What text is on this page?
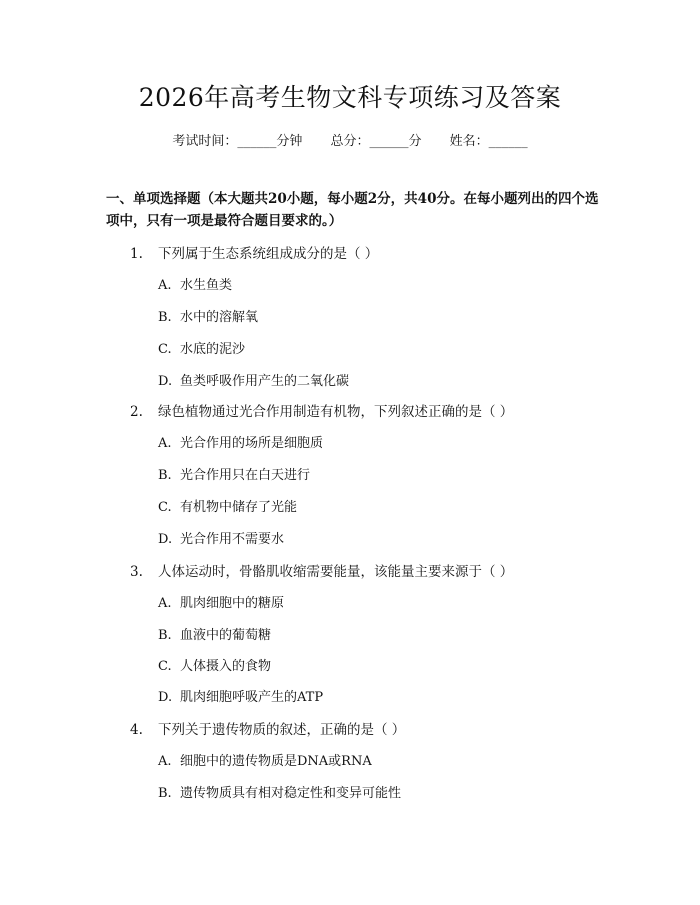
2026年高考生物文科专项练习及答案
考试时间：______分钟 总分：______分 姓名：______
一、单项选择题（本大题共20小题，每小题2分，共40分。在每小题列出的四个选项中，只有一项是最符合题目要求的。）
1. 下列属于生态系统组成成分的是（ ）
A. 水生鱼类
B. 水中的溶解氧
C. 水底的泥沙
D. 鱼类呼吸作用产生的二氧化碳
2. 绿色植物通过光合作用制造有机物，下列叙述正确的是（ ）
A. 光合作用的场所是细胞质
B. 光合作用只在白天进行
C. 有机物中储存了光能
D. 光合作用不需要水
3. 人体运动时，骨骼肌收缩需要能量，该能量主要来源于（ ）
A. 肌肉细胞中的糖原
B. 血液中的葡萄糖
C. 人体摄入的食物
D. 肌肉细胞呼吸产生的ATP
4. 下列关于遗传物质的叙述，正确的是（ ）
A. 细胞中的遗传物质是DNA或RNA
B. 遗传物质具有相对稳定性和变异可能性
